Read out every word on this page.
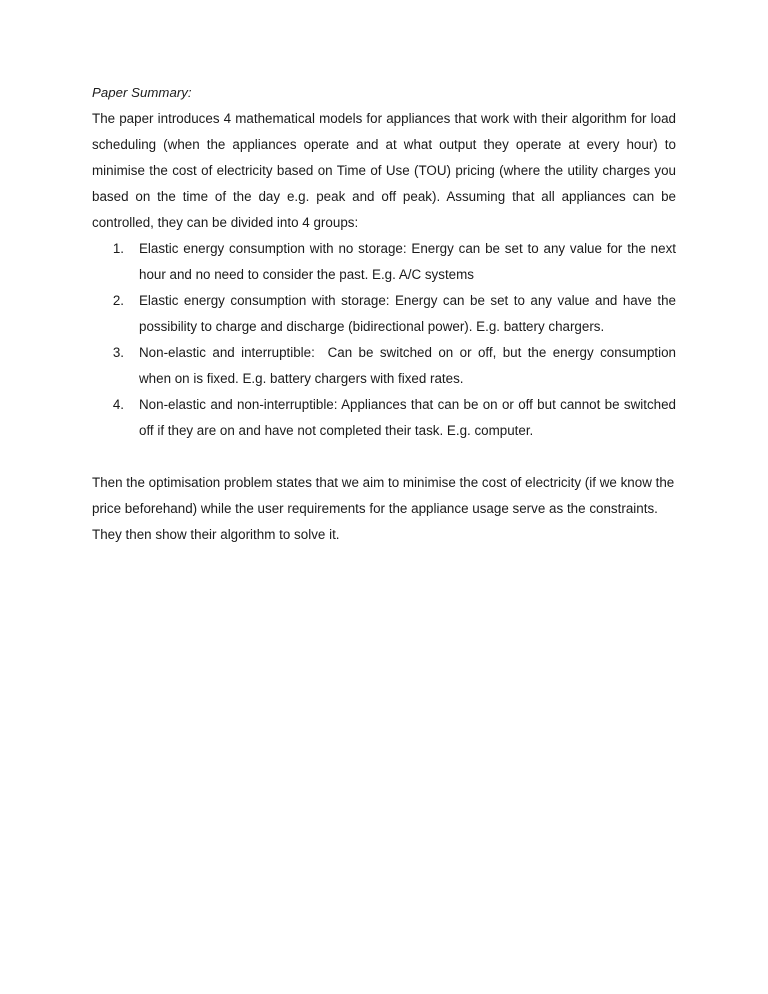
Paper Summary:

The paper introduces 4 mathematical models for appliances that work with their algorithm for load scheduling (when the appliances operate and at what output they operate at every hour) to minimise the cost of electricity based on Time of Use (TOU) pricing (where the utility charges you based on the time of the day e.g. peak and off peak). Assuming that all appliances can be controlled, they can be divided into 4 groups:

Elastic energy consumption with no storage: Energy can be set to any value for the next hour and no need to consider the past. E.g. A/C systems
Elastic energy consumption with storage: Energy can be set to any value and have the possibility to charge and discharge (bidirectional power). E.g. battery chargers.
Non-elastic and interruptible:  Can be switched on or off, but the energy consumption when on is fixed. E.g. battery chargers with fixed rates.
Non-elastic and non-interruptible: Appliances that can be on or off but cannot be switched off if they are on and have not completed their task. E.g. computer.

Then the optimisation problem states that we aim to minimise the cost of electricity (if we know the price beforehand) while the user requirements for the appliance usage serve as the constraints. They then show their algorithm to solve it.
